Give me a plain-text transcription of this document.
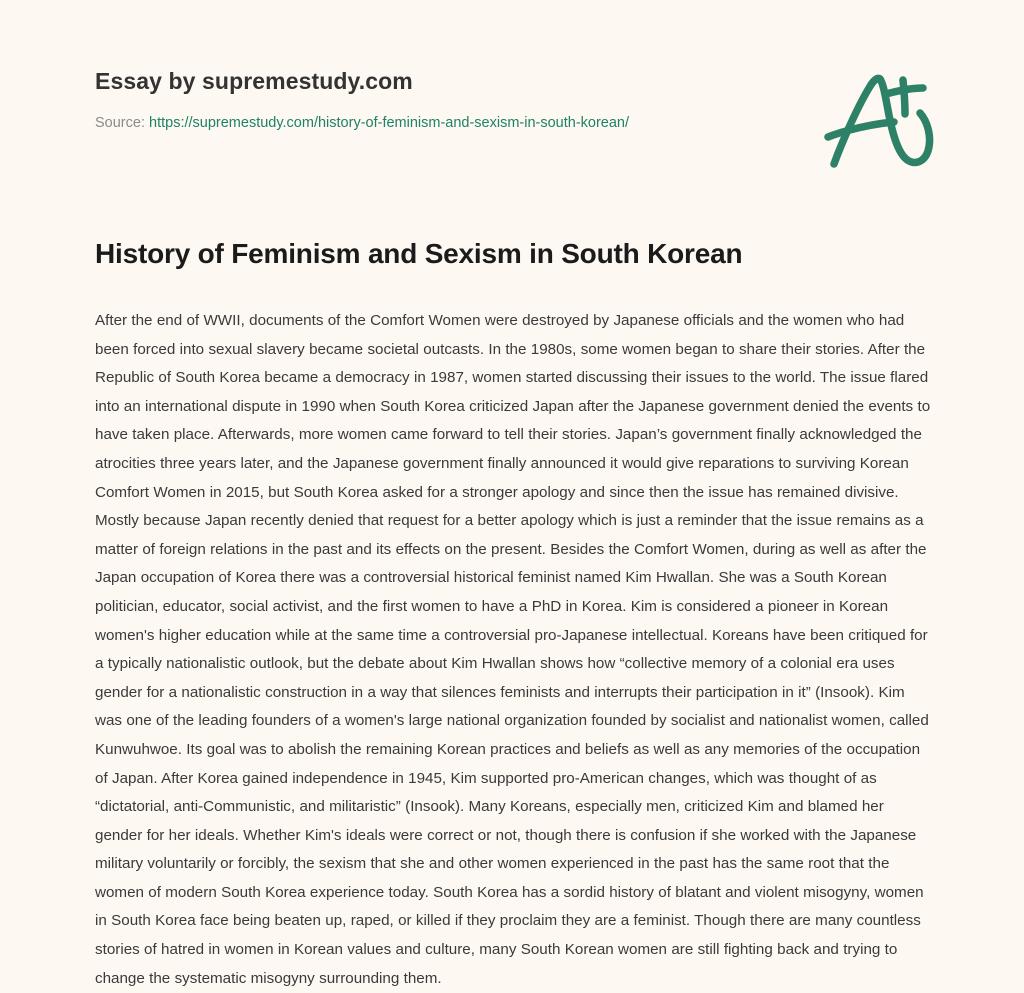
Essay by supremestudy.com
Source: https://supremestudy.com/history-of-feminism-and-sexism-in-south-korean/
History of Feminism and Sexism in South Korean

After the end of WWII, documents of the Comfort Women were destroyed by Japanese officials and the women who had been forced into sexual slavery became societal outcasts. In the 1980s, some women began to share their stories. After the Republic of South Korea became a democracy in 1987, women started discussing their issues to the world. The issue flared into an international dispute in 1990 when South Korea criticized Japan after the Japanese government denied the events to have taken place. Afterwards, more women came forward to tell their stories. Japan’s government finally acknowledged the atrocities three years later, and the Japanese government finally announced it would give reparations to surviving Korean Comfort Women in 2015, but South Korea asked for a stronger apology and since then the issue has remained divisive. Mostly because Japan recently denied that request for a better apology which is just a reminder that the issue remains as a matter of foreign relations in the past and its effects on the present. Besides the Comfort Women, during as well as after the Japan occupation of Korea there was a controversial historical feminist named Kim Hwallan. She was a South Korean politician, educator, social activist, and the first women to have a PhD in Korea. Kim is considered a pioneer in Korean women's higher education while at the same time a controversial pro-Japanese intellectual. Koreans have been critiqued for a typically nationalistic outlook, but the debate about Kim Hwallan shows how “collective memory of a colonial era uses gender for a nationalistic construction in a way that silences feminists and interrupts their participation in it” (Insook). Kim was one of the leading founders of a women's large national organization founded by socialist and nationalist women, called Kunwuhwoe. Its goal was to abolish the remaining Korean practices and beliefs as well as any memories of the occupation of Japan. After Korea gained independence in 1945, Kim supported pro-American changes, which was thought of as “dictatorial, anti-Communistic, and militaristic” (Insook). Many Koreans, especially men, criticized Kim and blamed her gender for her ideals. Whether Kim's ideals were correct or not, though there is confusion if she worked with the Japanese military voluntarily or forcibly, the sexism that she and other women experienced in the past has the same root that the women of modern South Korea experience today. South Korea has a sordid history of blatant and violent misogyny, women in South Korea face being beaten up, raped, or killed if they proclaim they are a feminist. Though there are many countless stories of hatred in women in Korean values and culture, many South Korean women are still fighting back and trying to change the systematic misogyny surrounding them.
